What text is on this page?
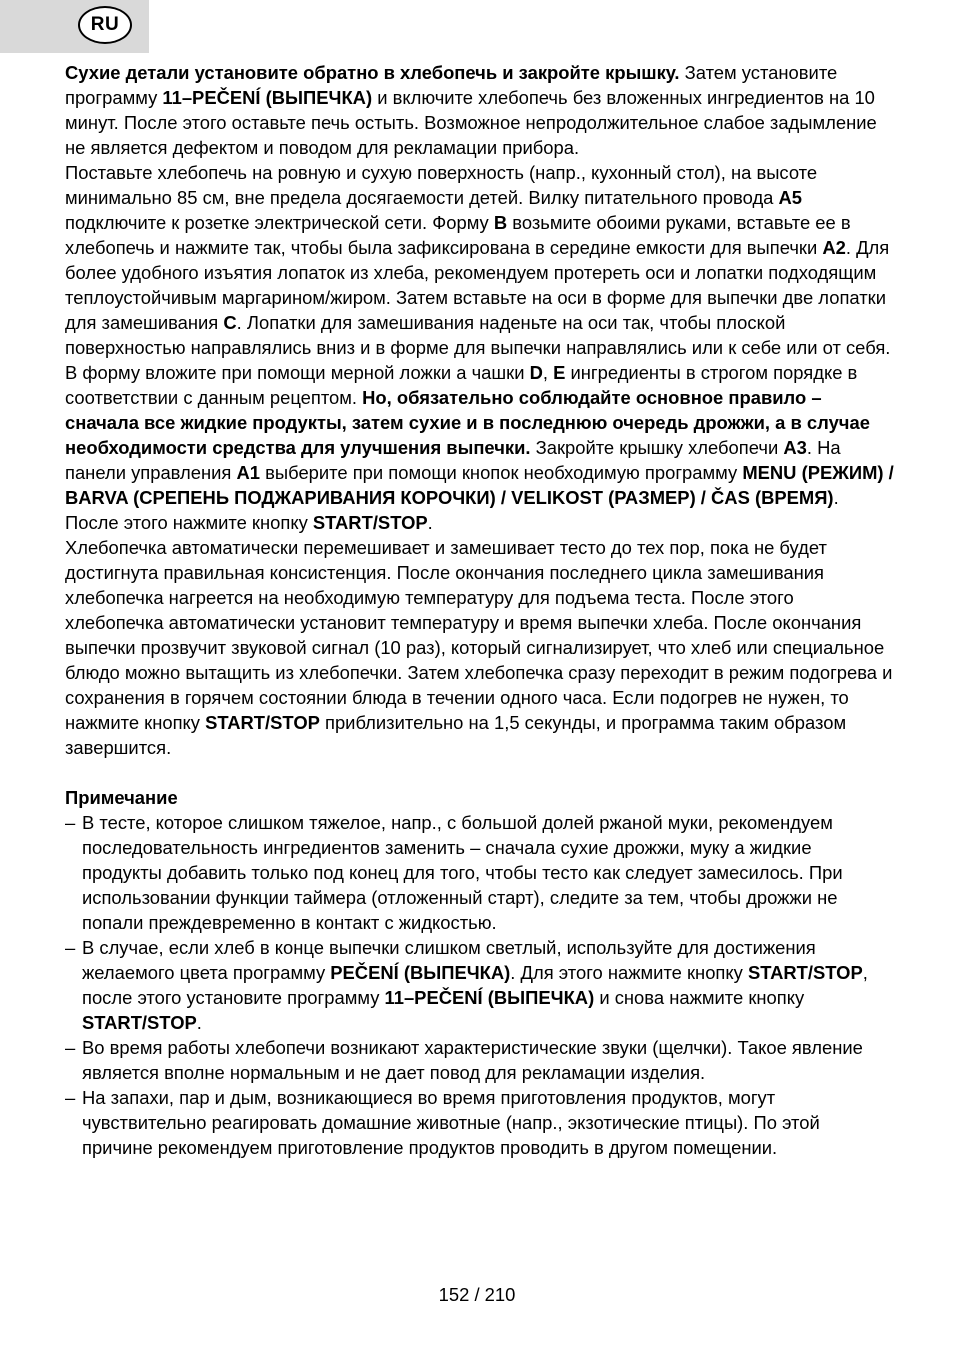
RU

Сухие детали установите обратно в хлебопечь и закройте крышку. Затем установите программу 11–PEČENÍ (ВЫПЕЧКА) и включите хлебопечь без вложенных ингредиентов на 10 минут. После этого оставьте печь остыть. Возможное непродолжительное слабое задымление не является дефектом и поводом для рекламации прибора.

Поставьте хлебопечь на ровную и сухую поверхность (напр., кухонный стол), на высоте минимально 85 см, вне предела досягаемости детей. Вилку питательного провода A5 подключите к розетке электрической сети. Форму B возьмите обоими руками, вставьте ее в хлебопечь и нажмите так, чтобы была зафиксирована в середине емкости для выпечки A2. Для более удобного изъятия лопаток из хлеба, рекомендуем протереть оси и лопатки подходящим теплоустойчивым маргарином/жиром. Затем вставьте на оси в форме для выпечки две лопатки для замешивания C. Лопатки для замешивания наденьте на оси так, чтобы плоской поверхностью направлялись вниз и в форме для выпечки направлялись или к себе или от себя.

В форму вложите при помощи мерной ложки а чашки D, E ингредиенты в строгом порядке в соответствии с данным рецептом. Но, обязательно соблюдайте основное правило – сначала все жидкие продукты, затем сухие и в последнюю очередь дрожжи, а в случае необходимости средства для улучшения выпечки. Закройте крышку хлебопечи A3. На панели управления A1 выберите при помощи кнопок необходимую программу MENU (РЕЖИМ) / BARVA (СРЕПЕНЬ ПОДЖАРИВАНИЯ КОРОЧКИ) / VELIKOST (РАЗМЕР) / ČAS (ВРЕМЯ). После этого нажмите кнопку START/STOP.

Хлебопечка автоматически перемешивает и замешивает тесто до тех пор, пока не будет достигнута правильная консистенция. После окончания последнего цикла замешивания хлебопечка нагреется на необходимую температуру для подъема теста. После этого хлебопечка автоматически установит температуру и время выпечки хлеба. После окончания выпечки прозвучит звуковой сигнал (10 раз), который сигнализирует, что хлеб или специальное блюдо можно вытащить из хлебопечки. Затем хлебопечка сразу переходит в режим подогрева и сохранения в горячем состоянии блюда в течении одного часа. Если подогрев не нужен, то нажмите кнопку START/STOP приблизительно на 1,5 секунды, и программа таким образом завершится.

Примечание

– В тесте, которое слишком тяжелое, напр., с большой долей ржаной муки, рекомендуем последовательность ингредиентов заменить – сначала сухие дрожжи, муку а жидкие продукты добавить только под конец для того, чтобы тесто как следует замесилось. При использовании функции таймера (отложенный старт), следите за тем, чтобы дрожжи не попали преждевременно в контакт с жидкостью.
– В случае, если хлеб в конце выпечки слишком светлый, используйте для достижения желаемого цвета программу PEČENÍ (ВЫПЕЧКА). Для этого нажмите кнопку START/STOP, после этого установите программу 11–PEČENÍ (ВЫПЕЧКА) и снова нажмите кнопку START/STOP.
– Во время работы хлебопечи возникают характеристические звуки (щелчки). Такое явление является вполне нормальным и не дает повод для рекламации изделия.
– На запахи, пар и дым, возникающиеся во время приготовления продуктов, могут чувствительно реагировать домашние животные (напр., экзотические птицы). По этой причине рекомендуем приготовление продуктов проводить в другом помещении.
152 / 210
